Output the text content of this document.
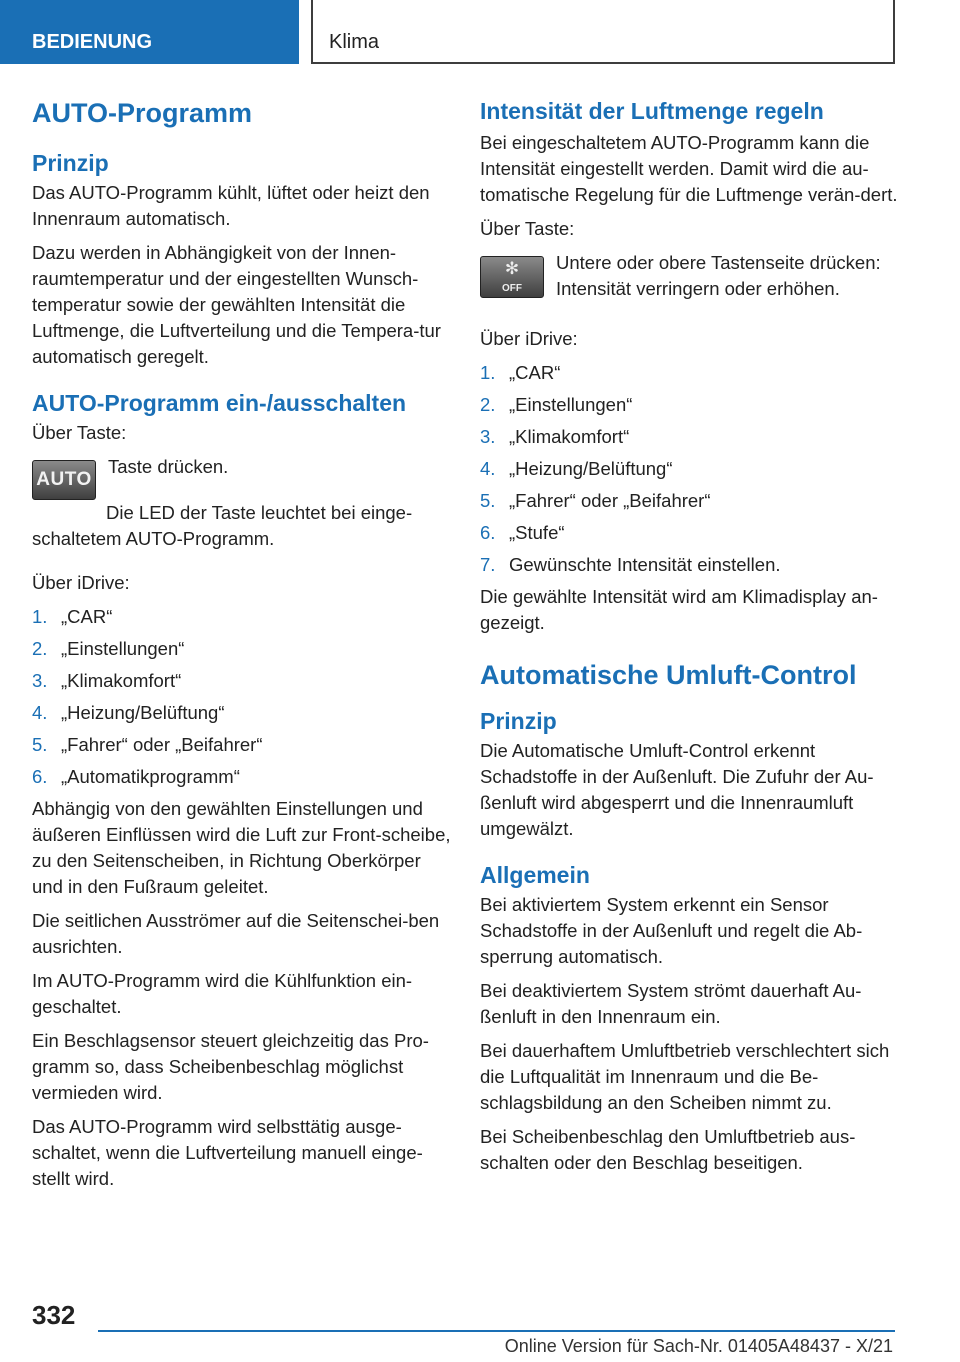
BEDIENUNG	Klima
AUTO-Programm
Prinzip

Das AUTO-Programm kühlt, lüftet oder heizt den Innenraum automatisch.

Dazu werden in Abhängigkeit von der Innen-raumtemperatur und der eingestellten Wunsch-temperatur sowie der gewählten Intensität die Luftmenge, die Luftverteilung und die Tempera-tur automatisch geregelt.

AUTO-Programm ein-/ausschalten

Über Taste:

AUTO

Taste drücken.

Die LED der Taste leuchtet bei einge-schaltetem AUTO-Programm.

Über iDrive:

1. „CAR“
2. „Einstellungen“
3. „Klimakomfort“
4. „Heizung/Belüftung“
5. „Fahrer“ oder „Beifahrer“
6. „Automatikprogramm“

Abhängig von den gewählten Einstellungen und äußeren Einflüssen wird die Luft zur Front-scheibe, zu den Seitenscheiben, in Richtung Oberkörper und in den Fußraum geleitet.

Die seitlichen Ausströmer auf die Seitenschei-ben ausrichten.

Im AUTO-Programm wird die Kühlfunktion ein-geschaltet.

Ein Beschlagsensor steuert gleichzeitig das Pro-gramm so, dass Scheibenbeschlag möglichst vermieden wird.

Das AUTO-Programm wird selbsttätig ausge-schaltet, wenn die Luftverteilung manuell einge-stellt wird.

Intensität der Luftmenge regeln

Bei eingeschaltetem AUTO-Programm kann die Intensität eingestellt werden. Damit wird die au-tomatische Regelung für die Luftmenge verän-dert.

Über Taste:

✻
OFF

Untere oder obere Tastenseite drücken: Intensität verringern oder erhöhen.

Über iDrive:

1. „CAR“
2. „Einstellungen“
3. „Klimakomfort“
4. „Heizung/Belüftung“
5. „Fahrer“ oder „Beifahrer“
6. „Stufe“
7. Gewünschte Intensität einstellen.

Die gewählte Intensität wird am Klimadisplay an-gezeigt.

Automatische Umluft-Control
Prinzip

Die Automatische Umluft-Control erkennt Schadstoffe in der Außenluft. Die Zufuhr der Au-ßenluft wird abgesperrt und die Innenraumluft umgewälzt.

Allgemein

Bei aktiviertem System erkennt ein Sensor Schadstoffe in der Außenluft und regelt die Ab-sperrung automatisch.

Bei deaktiviertem System strömt dauerhaft Au-ßenluft in den Innenraum ein.

Bei dauerhaftem Umluftbetrieb verschlechtert sich die Luftqualität im Innenraum und die Be-schlagsbildung an den Scheiben nimmt zu.

Bei Scheibenbeschlag den Umluftbetrieb aus-schalten oder den Beschlag beseitigen.

332
Online Version für Sach-Nr. 01405A48437 - X/21
